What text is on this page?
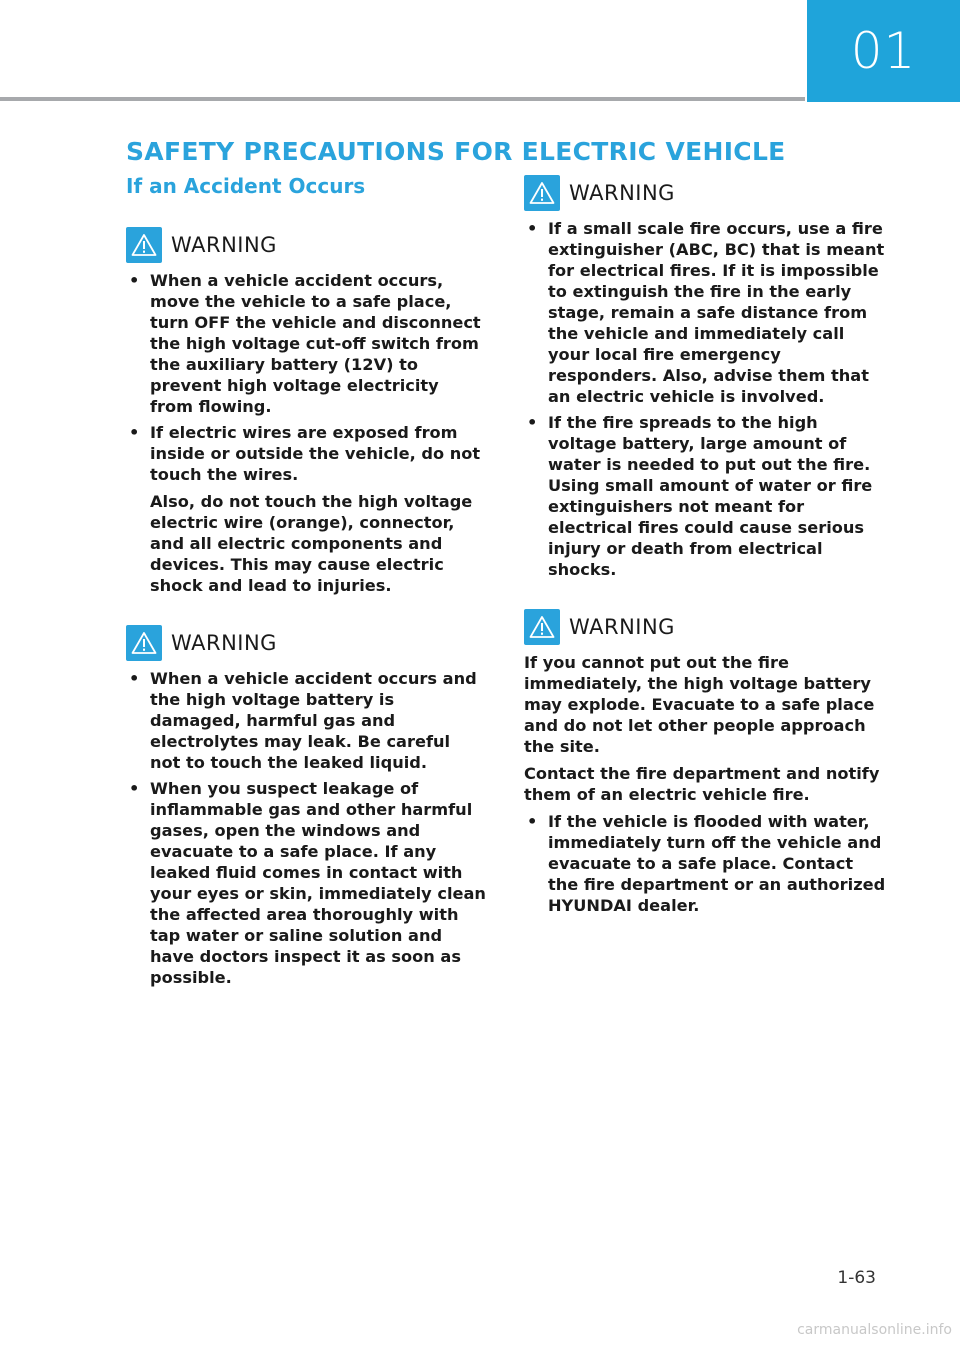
01
SAFETY PRECAUTIONS FOR ELECTRIC VEHICLE
If an Accident Occurs
WARNING

• When a vehicle accident occurs, move the vehicle to a safe place, turn OFF the vehicle and disconnect the high voltage cut-off switch from the auxiliary battery (12V) to prevent high voltage electricity from flowing.

• If electric wires are exposed from inside or outside the vehicle, do not touch the wires.

Also, do not touch the high voltage electric wire (orange), connector, and all electric components and devices. This may cause electric shock and lead to injuries.

WARNING

• When a vehicle accident occurs and the high voltage battery is damaged, harmful gas and electrolytes may leak. Be careful not to touch the leaked liquid.

• When you suspect leakage of inflammable gas and other harmful gases, open the windows and evacuate to a safe place. If any leaked fluid comes in contact with your eyes or skin, immediately clean the affected area thoroughly with tap water or saline solution and have doctors inspect it as soon as possible.

WARNING

• If a small scale fire occurs, use a fire extinguisher (ABC, BC) that is meant for electrical fires. If it is impossible to extinguish the fire in the early stage, remain a safe distance from the vehicle and immediately call your local fire emergency responders. Also, advise them that an electric vehicle is involved.

• If the fire spreads to the high voltage battery, large amount of water is needed to put out the fire. Using small amount of water or fire extinguishers not meant for electrical fires could cause serious injury or death from electrical shocks.

WARNING

If you cannot put out the fire immediately, the high voltage battery may explode. Evacuate to a safe place and do not let other people approach the site.

Contact the fire department and notify them of an electric vehicle fire.

• If the vehicle is flooded with water, immediately turn off the vehicle and evacuate to a safe place. Contact the fire department or an authorized HYUNDAI dealer.

1-63
carmanualsonline.info
